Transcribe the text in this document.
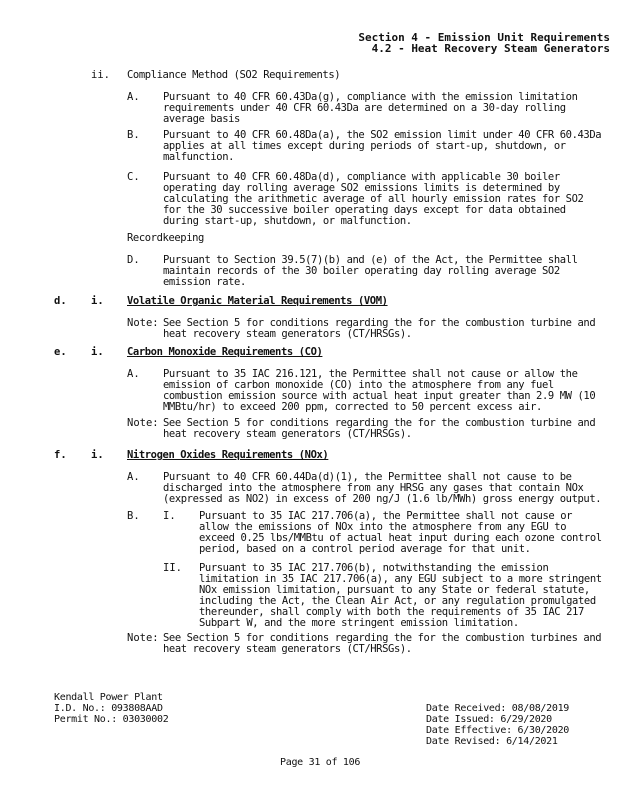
Section 4 - Emission Unit Requirements
4.2 - Heat Recovery Steam Generators
ii. Compliance Method (SO2 Requirements)
A. Pursuant to 40 CFR 60.43Da(g), compliance with the emission limitation requirements under 40 CFR 60.43Da are determined on a 30-day rolling average basis
B. Pursuant to 40 CFR 60.48Da(a), the SO2 emission limit under 40 CFR 60.43Da applies at all times except during periods of start-up, shutdown, or malfunction.
C. Pursuant to 40 CFR 60.48Da(d), compliance with applicable 30 boiler operating day rolling average SO2 emissions limits is determined by calculating the arithmetic average of all hourly emission rates for SO2 for the 30 successive boiler operating days except for data obtained during start-up, shutdown, or malfunction.
Recordkeeping
D. Pursuant to Section 39.5(7)(b) and (e) of the Act, the Permittee shall maintain records of the 30 boiler operating day rolling average SO2 emission rate.
d. i. Volatile Organic Material Requirements (VOM)
Note: See Section 5 for conditions regarding the for the combustion turbine and heat recovery steam generators (CT/HRSGs).
e. i. Carbon Monoxide Requirements (CO)
A. Pursuant to 35 IAC 216.121, the Permittee shall not cause or allow the emission of carbon monoxide (CO) into the atmosphere from any fuel combustion emission source with actual heat input greater than 2.9 MW (10 MMBtu/hr) to exceed 200 ppm, corrected to 50 percent excess air.
Note: See Section 5 for conditions regarding the for the combustion turbine and heat recovery steam generators (CT/HRSGs).
f. i. Nitrogen Oxides Requirements (NOx)
A. Pursuant to 40 CFR 60.44Da(d)(1), the Permittee shall not cause to be discharged into the atmosphere from any HRSG any gases that contain NOx (expressed as NO2) in excess of 200 ng/J (1.6 lb/MWh) gross energy output.
B. I. Pursuant to 35 IAC 217.706(a), the Permittee shall not cause or allow the emissions of NOx into the atmosphere from any EGU to exceed 0.25 lbs/MMBtu of actual heat input during each ozone control period, based on a control period average for that unit.
II. Pursuant to 35 IAC 217.706(b), notwithstanding the emission limitation in 35 IAC 217.706(a), any EGU subject to a more stringent NOx emission limitation, pursuant to any State or federal statute, including the Act, the Clean Air Act, or any regulation promulgated thereunder, shall comply with both the requirements of 35 IAC 217 Subpart W, and the more stringent emission limitation.
Note: See Section 5 for conditions regarding the for the combustion turbines and heat recovery steam generators (CT/HRSGs).
Kendall Power Plant
I.D. No.: 093808AAD
Permit No.: 03030002
Date Received: 08/08/2019
Date Issued: 6/29/2020
Date Effective: 6/30/2020
Date Revised: 6/14/2021
Page 31 of 106
